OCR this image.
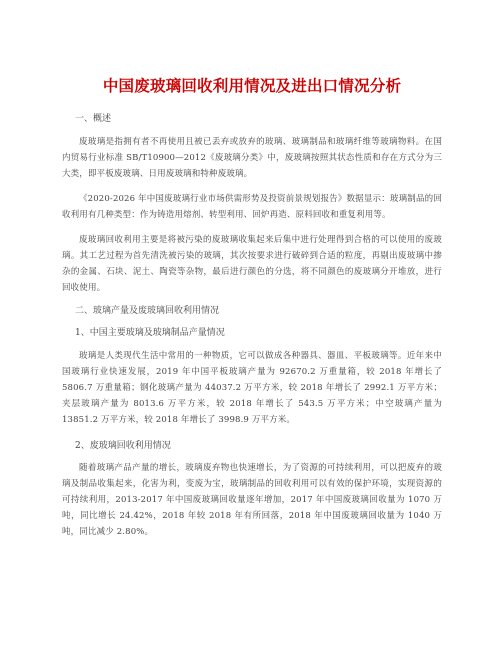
中国废玻璃回收利用情况及进出口情况分析

一、概述

废玻璃是指拥有者不再使用且被已丢弃或放弃的玻璃、玻璃制品和玻璃纤维等玻璃物料。在国内贸易行业标准 SB/T10900—2012《废玻璃分类》中，废玻璃按照其状态性质和存在方式分为三大类，即平板废玻璃、日用废玻璃和特种废玻璃。

《2020-2026 年中国废玻璃行业市场供需形势及投资前景规划报告》数据显示：玻璃制品的回收利用有几种类型：作为铸造用熔剂、转型利用、回炉再造、原料回收和重复利用等。

废玻璃回收利用主要是将被污染的废玻璃收集起来后集中进行处理得到合格的可以使用的废玻璃。其工艺过程为首先清洗被污染的玻璃，其次按要求进行破碎到合适的粒度，再剔出废玻璃中掺杂的金属、石块、泥土、陶瓷等杂物，最后进行颜色的分选，将不同颜色的废玻璃分开堆放，进行回收使用。

二、玻璃产量及废玻璃回收利用情况

1、中国主要玻璃及玻璃制品产量情况

玻璃是人类现代生活中常用的一种物质，它可以做成各种器具、器皿、平板玻璃等。近年来中国玻璃行业快速发展，2019 年中国平板玻璃产量为 92670.2 万重量箱，较 2018 年增长了 5806.7 万重量箱；钢化玻璃产量为 44037.2 万平方米，较 2018 年增长了 2992.1 万平方米；夹层玻璃产量为 8013.6 万平方米，较 2018 年增长了 543.5 万平方米；中空玻璃产量为 13851.2 万平方米，较 2018 年增长了 3998.9 万平方米。

2、废玻璃回收利用情况

随着玻璃产品产量的增长，玻璃废弃物也快速增长，为了资源的可持续利用，可以把废弃的玻璃及制品收集起来，化害为利，变废为宝，玻璃制品的回收利用可以有效的保护环境，实现资源的可持续利用，2013-2017 年中国废玻璃回收量逐年增加，2017 年中国废玻璃回收量为 1070 万吨，同比增长 24.42%，2018 年较 2018 年有所回落，2018 年中国废玻璃回收量为 1040 万吨，同比减少 2.80%。
